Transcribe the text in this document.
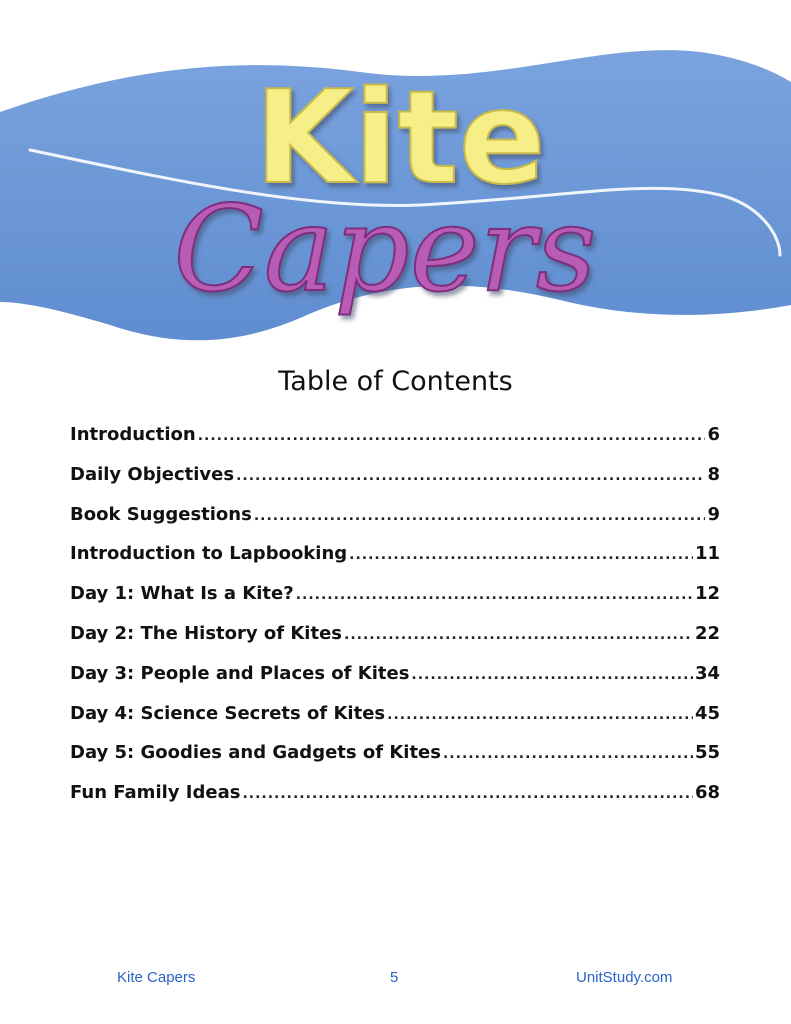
Kite
Capers
Table of Contents
Introduction .....	6
Daily Objectives .....	8
Book Suggestions .....	9
Introduction to Lapbooking .....	11
Day 1: What Is a Kite? .....	12
Day 2: The History of Kites .....	22
Day 3: People and Places of Kites .....	34
Day 4: Science Secrets of Kites .....	45
Day 5: Goodies and Gadgets of Kites .....	55
Fun Family Ideas .....	68
Kite Capers	5	UnitStudy.com
